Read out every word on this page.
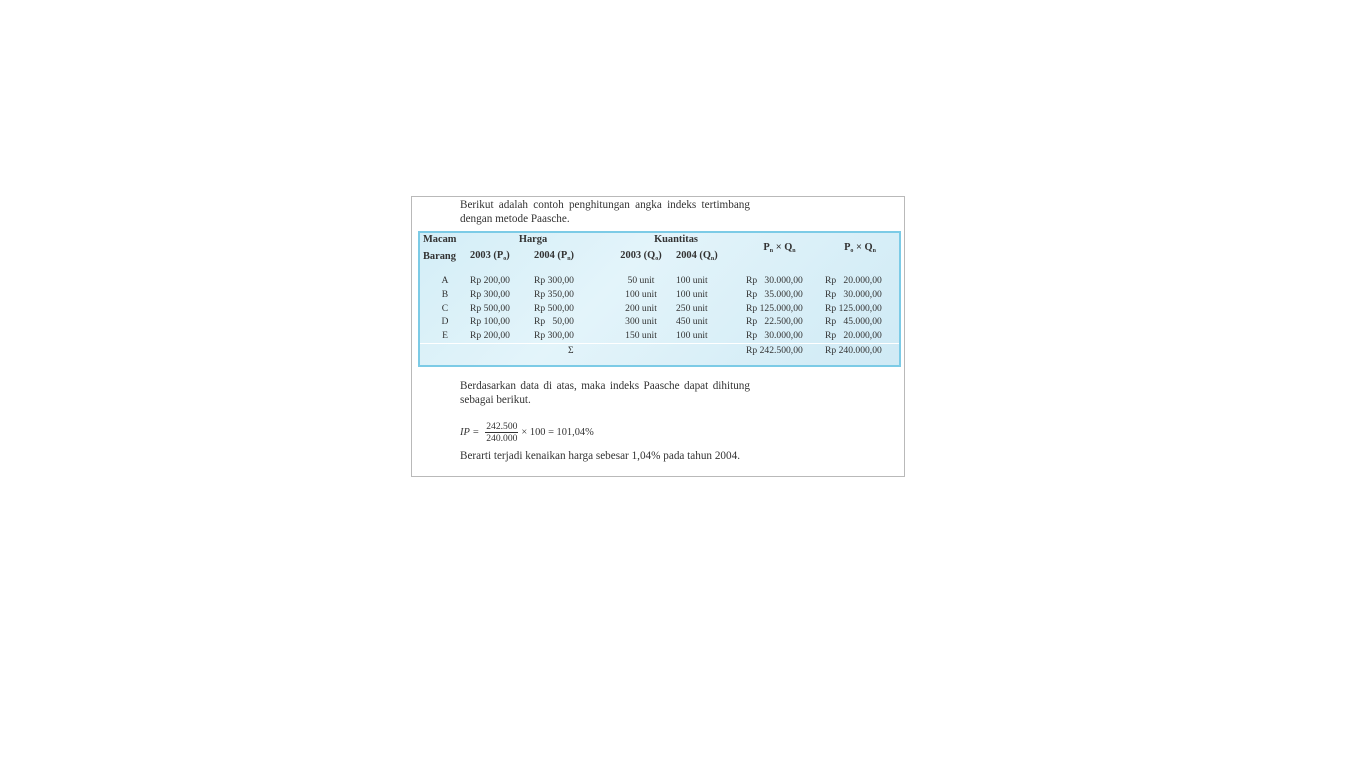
Berikut adalah contoh penghitungan angka indeks tertimbang dengan metode Paasche.
Macam	Harga		Kuantitas		$P_n \times Q_n$	$P_o \times Q_n$
Barang	2003 $(P_o)$	2004 $(P_n)$	2003 $(Q_o)$	2004 $(Q_n)$		

A	Rp 200,00	Rp 300,00	50 unit	100 unit	Rp   30.000,00	Rp   20.000,00
B	Rp 300,00	Rp 350,00	100 unit	100 unit	Rp   35.000,00	Rp   30.000,00
C	Rp 500,00	Rp 500,00	200 unit	250 unit	Rp 125.000,00	Rp 125.000,00
D	Rp 100,00	Rp   50,00	300 unit	450 unit	Rp   22.500,00	Rp   45.000,00
E	Rp 200,00	Rp 300,00	150 unit	100 unit	Rp   30.000,00	Rp   20.000,00
		Σ			Rp 242.500,00	Rp 240.000,00
Berdasarkan data di atas, maka indeks Paasche dapat dihitung sebagai berikut.
IP = $\frac{242.500}{240.000} \times 100 = 101,04\%$
Berarti terjadi kenaikan harga sebesar 1,04% pada tahun 2004.
